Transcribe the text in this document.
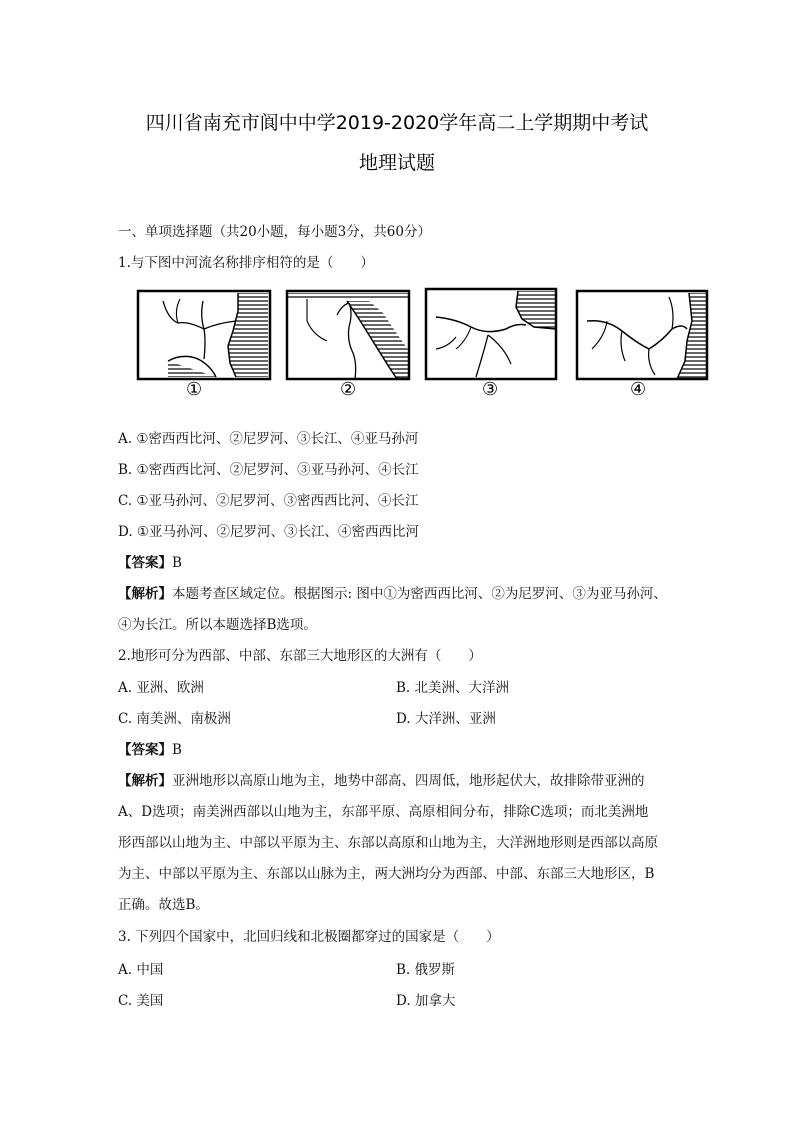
四川省南充市阆中中学2019-2020学年高二上学期期中考试
地理试题
一、单项选择题（共20小题，每小题3分，共60分）
1.与下图中河流名称排序相符的是（　　）
①	②	③	④
A. ①密西西比河、②尼罗河、③长江、④亚马孙河
B. ①密西西比河、②尼罗河、③亚马孙河、④长江
C. ①亚马孙河、②尼罗河、③密西西比河、④长江
D. ①亚马孙河、②尼罗河、③长江、④密西西比河
【答案】B
【解析】本题考查区域定位。根据图示: 图中①为密西西比河、②为尼罗河、③为亚马孙河、
④为长江。所以本题选择B选项。
2.地形可分为西部、中部、东部三大地形区的大洲有（　　）
A. 亚洲、欧洲	B. 北美洲、大洋洲
C. 南美洲、南极洲	D. 大洋洲、亚洲
【答案】B
【解析】亚洲地形以高原山地为主，地势中部高、四周低，地形起伏大，故排除带亚洲的
A、D选项；南美洲西部以山地为主，东部平原、高原相间分布，排除C选项；而北美洲地
形西部以山地为主、中部以平原为主、东部以高原和山地为主，大洋洲地形则是西部以高原
为主、中部以平原为主、东部以山脉为主，两大洲均分为西部、中部、东部三大地形区，B
正确。故选B。
3. 下列四个国家中，北回归线和北极圈都穿过的国家是（　　）
A. 中国	B. 俄罗斯
C. 美国	D. 加拿大
